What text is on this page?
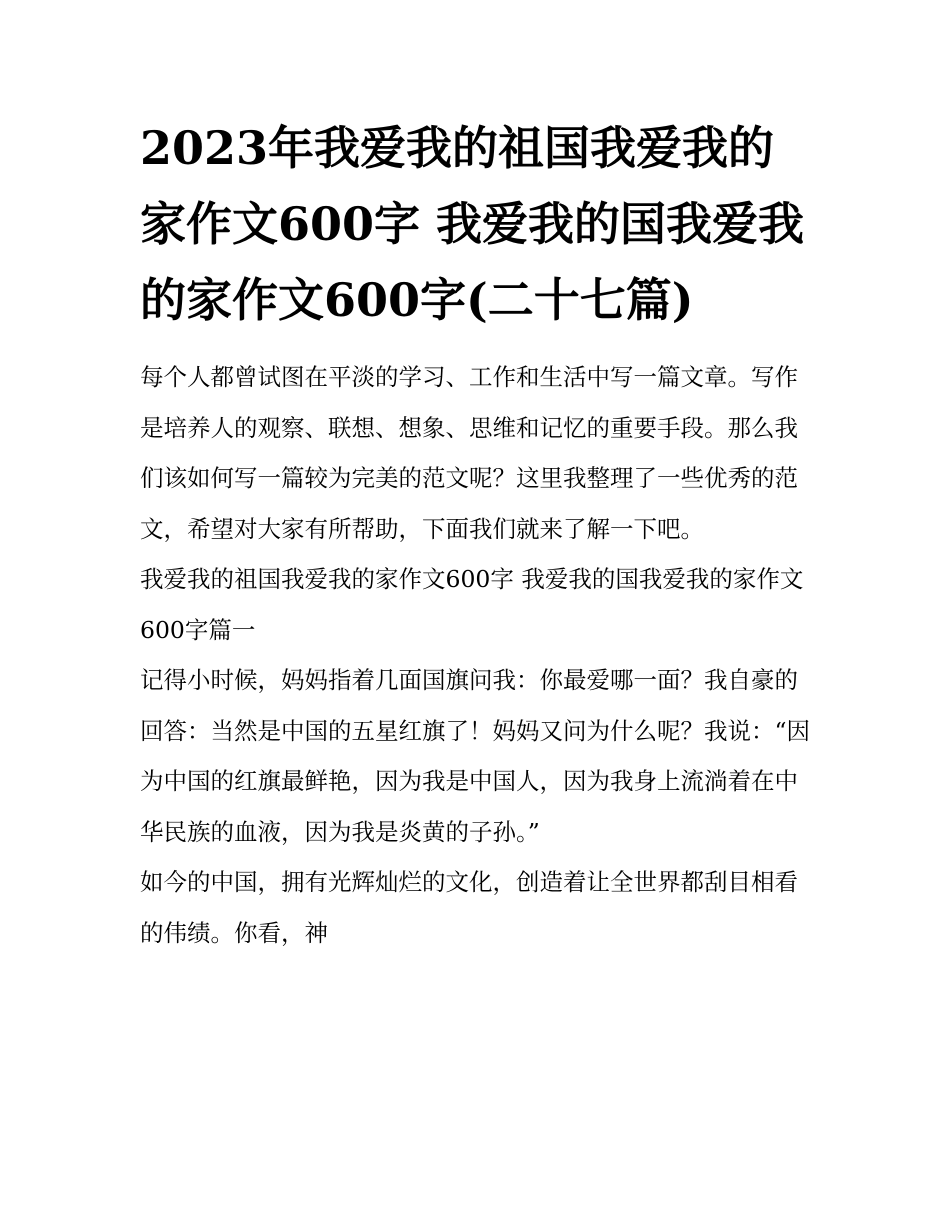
2023年我爱我的祖国我爱我的家作文600字 我爱我的国我爱我的家作文600字(二十七篇)

每个人都曾试图在平淡的学习、工作和生活中写一篇文章。写作是培养人的观察、联想、想象、思维和记忆的重要手段。那么我们该如何写一篇较为完美的范文呢？这里我整理了一些优秀的范文，希望对大家有所帮助，下面我们就来了解一下吧。

我爱我的祖国我爱我的家作文600字 我爱我的国我爱我的家作文600字篇一

记得小时候，妈妈指着几面国旗问我：你最爱哪一面？我自豪的回答：当然是中国的五星红旗了！妈妈又问为什么呢？我说：“因为中国的红旗最鲜艳，因为我是中国人，因为我身上流淌着在中华民族的血液，因为我是炎黄的子孙。”

如今的中国，拥有光辉灿烂的文化，创造着让全世界都刮目相看的伟绩。你看，神
